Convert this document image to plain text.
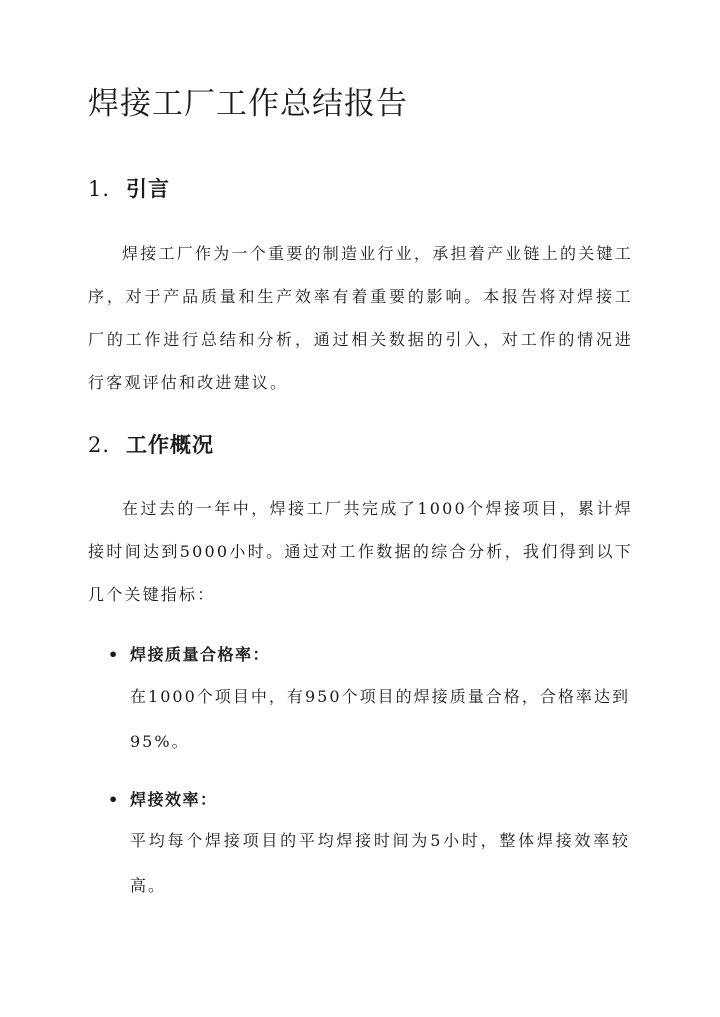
焊接工厂工作总结报告
1. 引言

焊接工厂作为一个重要的制造业行业，承担着产业链上的关键工序，对于产品质量和生产效率有着重要的影响。本报告将对焊接工厂的工作进行总结和分析，通过相关数据的引入，对工作的情况进行客观评估和改进建议。

2. 工作概况

在过去的一年中，焊接工厂共完成了1000个焊接项目，累计焊接时间达到5000小时。通过对工作数据的综合分析，我们得到以下几个关键指标：

• 焊接质量合格率：

在1000个项目中，有950个项目的焊接质量合格，合格率达到95%。

• 焊接效率：

平均每个焊接项目的平均焊接时间为5小时，整体焊接效率较高。
